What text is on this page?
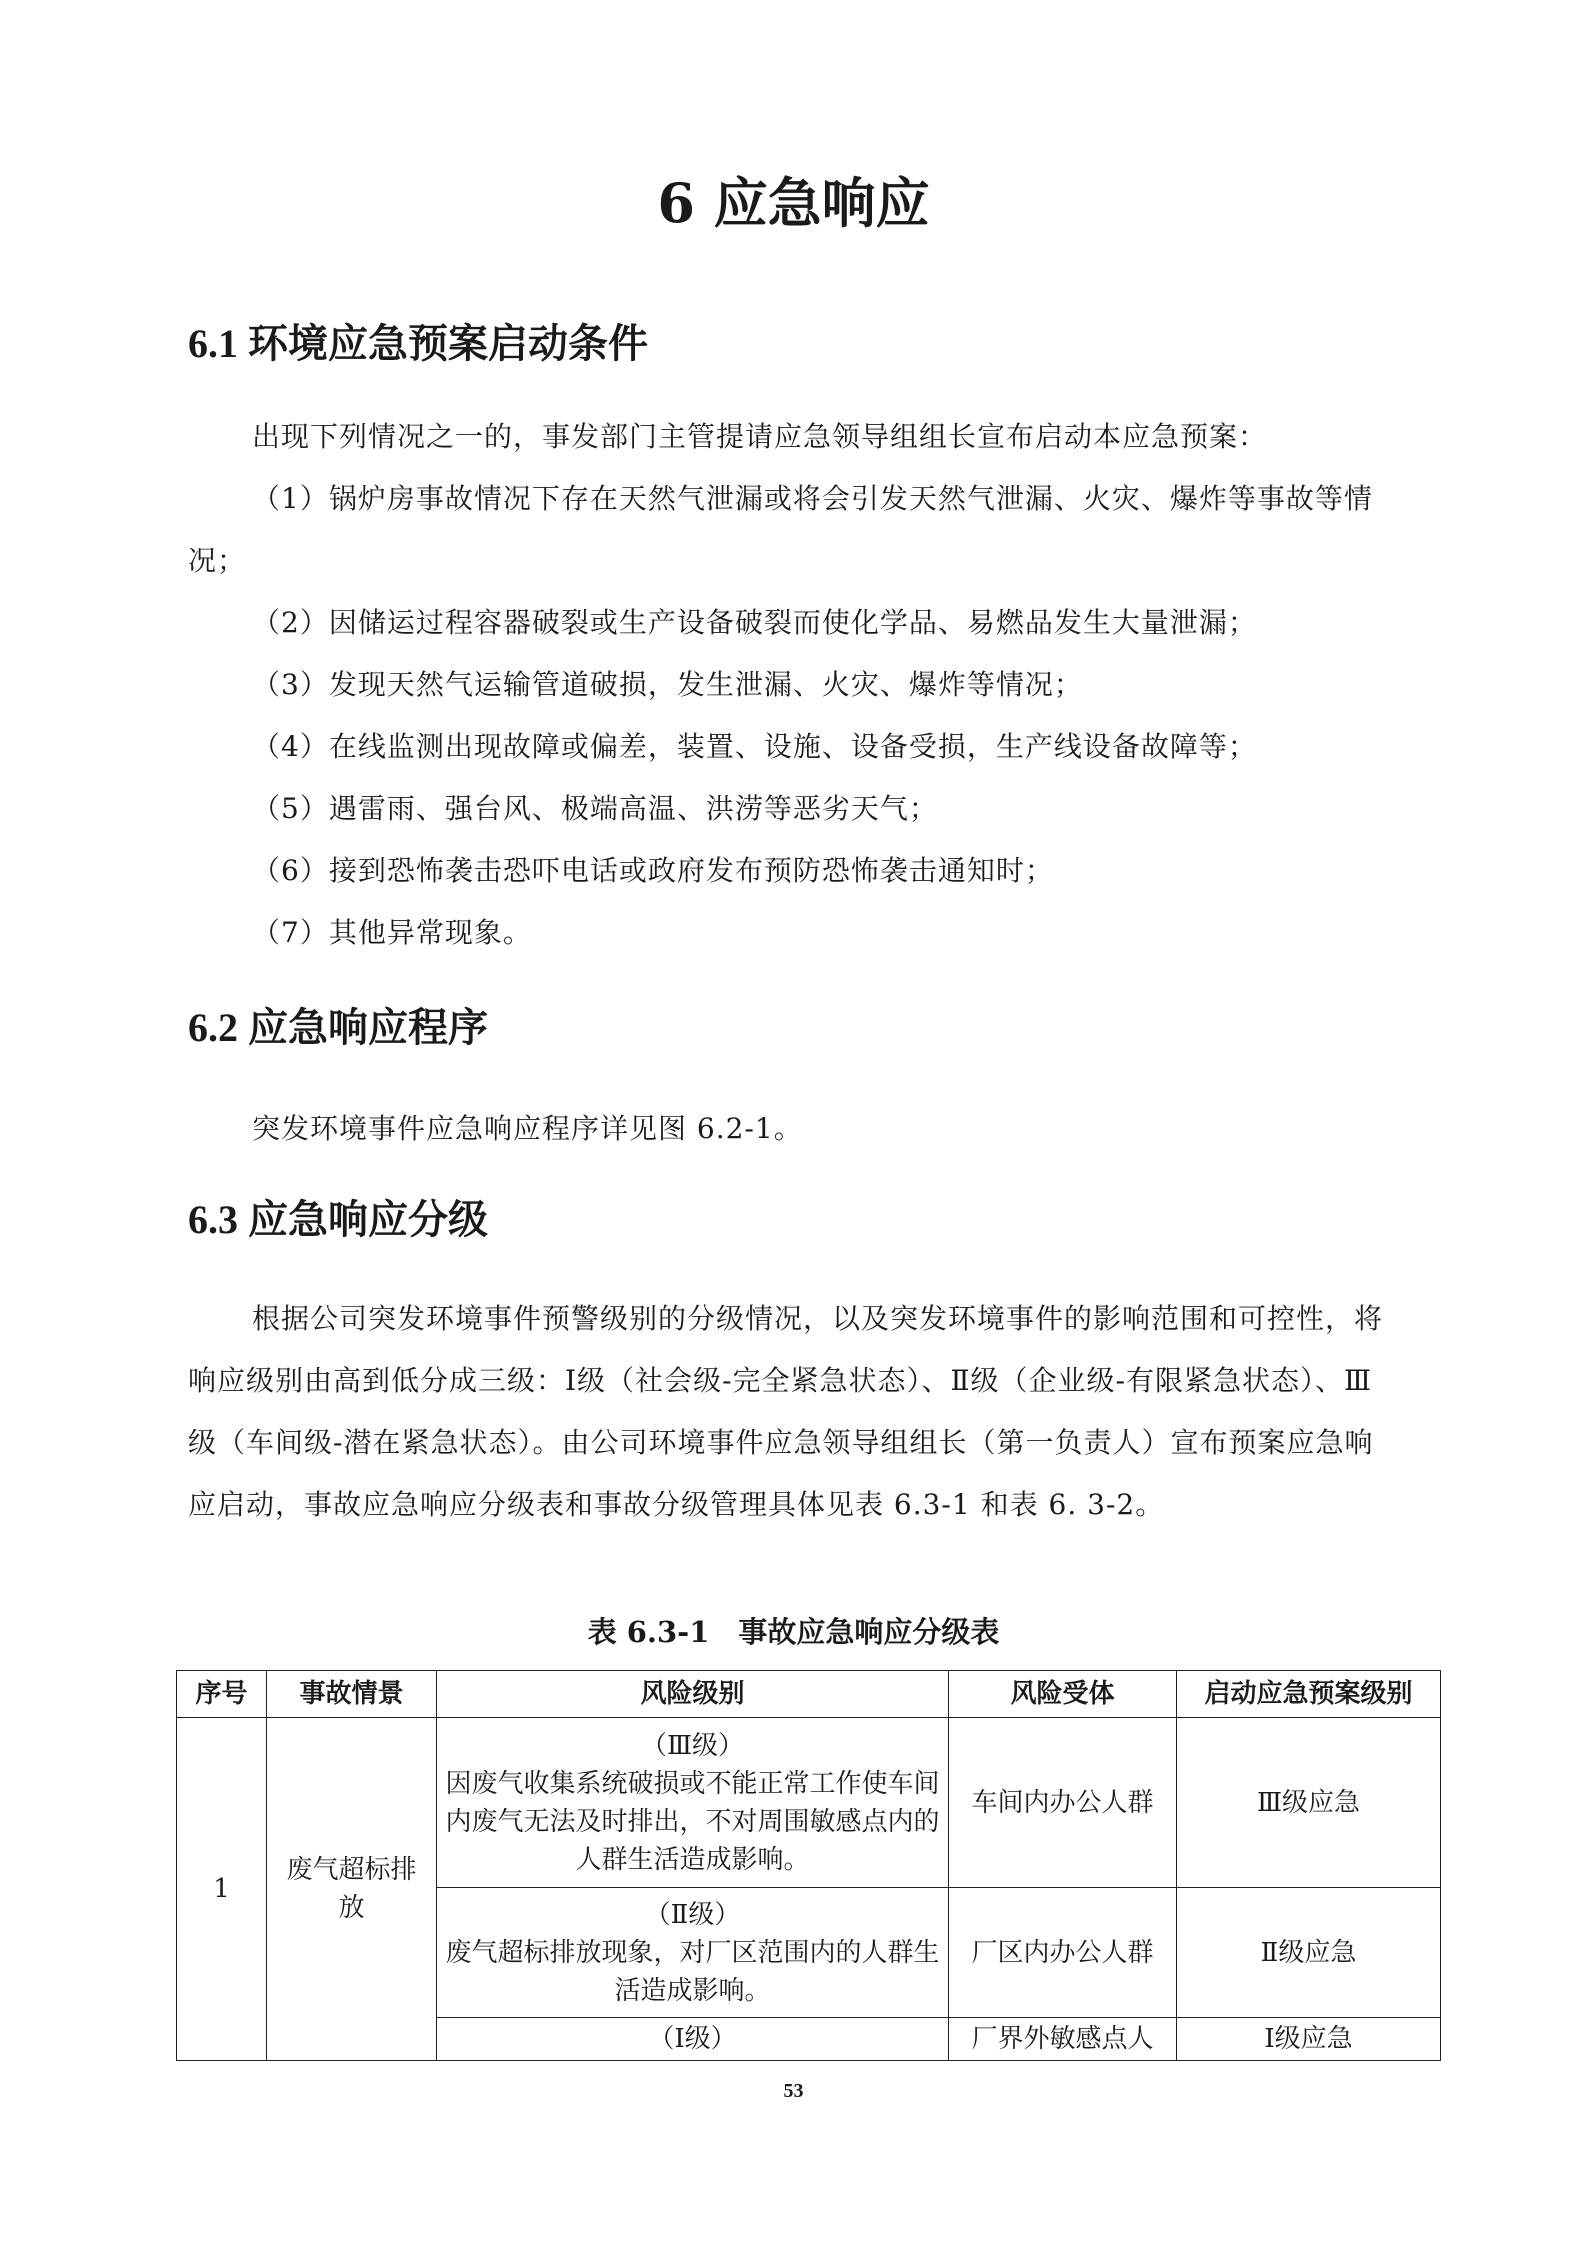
6 应急响应
6.1 环境应急预案启动条件

出现下列情况之一的，事发部门主管提请应急领导组组长宣布启动本应急预案：

（1）锅炉房事故情况下存在天然气泄漏或将会引发天然气泄漏、火灾、爆炸等事故等情况；
（2）因储运过程容器破裂或生产设备破裂而使化学品、易燃品发生大量泄漏；
（3）发现天然气运输管道破损，发生泄漏、火灾、爆炸等情况；
（4）在线监测出现故障或偏差，装置、设施、设备受损，生产线设备故障等；
（5）遇雷雨、强台风、极端高温、洪涝等恶劣天气；
（6）接到恐怖袭击恐吓电话或政府发布预防恐怖袭击通知时；
（7）其他异常现象。
6.2 应急响应程序

突发环境事件应急响应程序详见图 6.2-1。

6.3 应急响应分级

根据公司突发环境事件预警级别的分级情况，以及突发环境事件的影响范围和可控性，将响应级别由高到低分成三级：Ⅰ级（社会级-完全紧急状态）、Ⅱ级（企业级-有限紧急状态）、Ⅲ级（车间级-潜在紧急状态）。由公司环境事件应急领导组组长（第一负责人）宣布预案应急响应启动，事故应急响应分级表和事故分级管理具体见表 6.3-1 和表 6. 3-2。

表 6.3-1　事故应急响应分级表
序号	事故情景	风险级别	风险受体	启动应急预案级别
1	废气超标排放	（Ⅲ级）
因废气收集系统破损或不能正常工作使车间内废气无法及时排出，不对周围敏感点内的人群生活造成影响。	车间内办公人群	Ⅲ级应急

		（Ⅱ级）
废气超标排放现象，对厂区范围内的人群生活造成影响。	厂区内办公人群	Ⅱ级应急

		（Ⅰ级）	厂界外敏感点人	Ⅰ级应急
53
